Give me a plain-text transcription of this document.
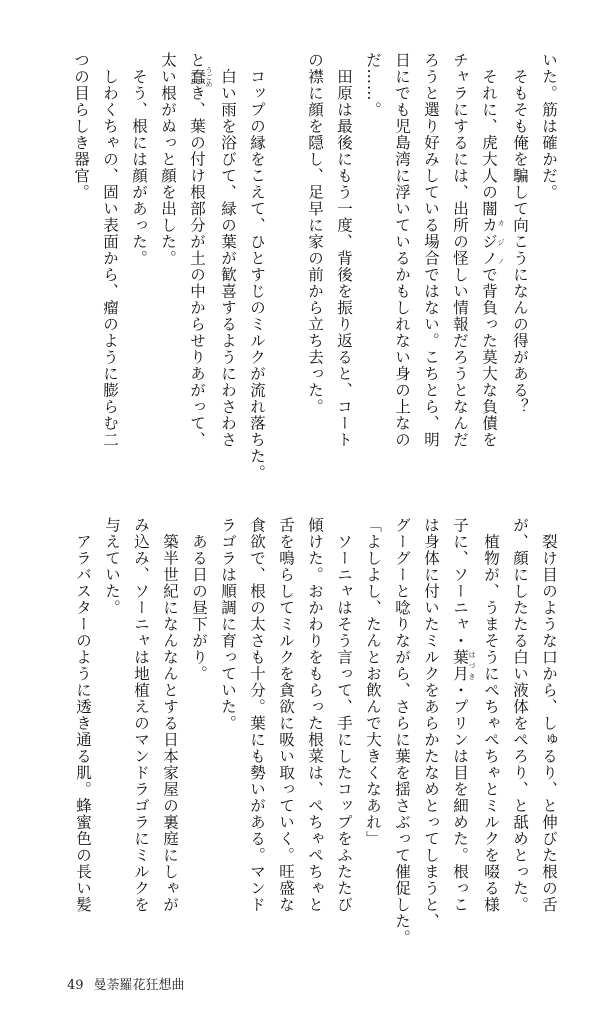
いた。筋は確かだ。
　そもそも俺を騙して向こうになんの得がある？
　それに、虎大人の闇カジノ カ ジ ノで背負った莫大な負債を
チャラにするには、出所の怪しい情報だろうとなんだ
ろうと選り好みしている場合ではない。こちとら、明
日にでも児島湾に浮いているかもしれない身の上なの
だ……。
　田原は最後にもう一度、背後を振り返ると、コート
の襟に顔を隠し、足早に家の前から立ち去った。
　コップの縁をこえて、ひとすじのミルクが流れ落ちた。
　白い雨を浴びて、緑の葉が歓喜するようにわさわさ
と蠢 うごめき、葉の付け根部分が土の中からせりあがって、
太い根がぬっと顔を出した。
　そう、根には顔があった。
　しわくちゃの、固い表面から、瘤のように膨らむ二
つの目らしき器官。
　裂け目のような口から、しゅるり、と伸びた根の舌
が、顔にしたたる白い液体をぺろり、と舐めとった。
　植物が、うまそうにぺちゃぺちゃとミルクを啜る様
子に、ソーニャ・葉月 はづき・プリンは目を細めた。根っこ
は身体に付いたミルクをあらかたなめとってしまうと、
グーグーと唸りながら、さらに葉を揺さぶって催促した。
「よしよし、たんとお飲んで大きくなあれ」
　ソーニャはそう言って、手にしたコップをふたたび
傾けた。おかわりをもらった根菜は、ぺちゃぺちゃと
舌を鳴らしてミルクを貪欲に吸い取っていく。旺盛な
食欲で、根の太さも十分。葉にも勢いがある。マンド
ラゴラは順調に育っていた。
　ある日の昼下がり。
　築半世紀になんなんとする日本家屋の裏庭にしゃが
み込み、ソーニャは地植えのマンドラゴラにミルクを
与えていた。
　アラバスターのように透き通る肌。蜂蜜色の長い髪
49 曼荼羅花狂想曲
